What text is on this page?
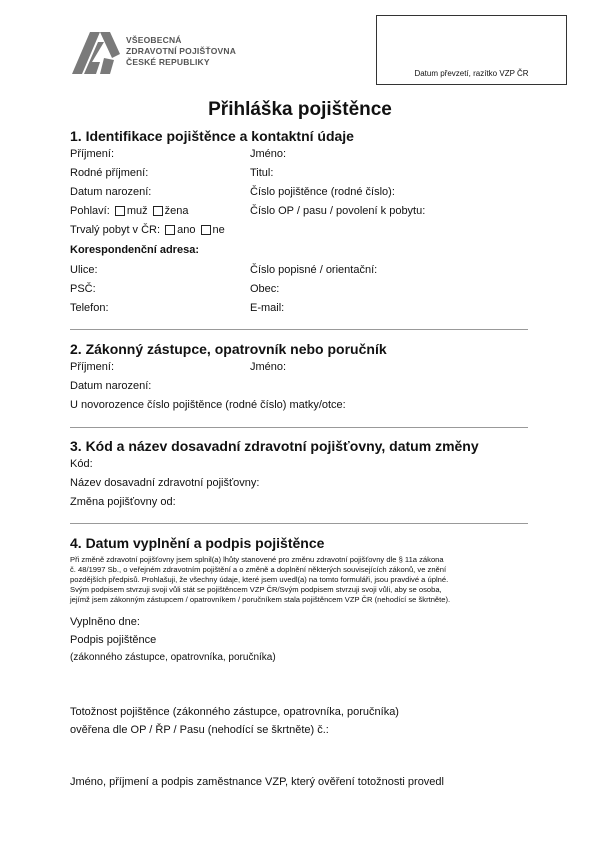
VŠEOBECNÁ
ZDRAVOTNÍ POJIŠŤOVNA
ČESKÉ REPUBLIKY
Datum převzetí, razítko VZP ČR
Přihláška pojištěnce
1. Identifikace pojištěnce a kontaktní údaje
Příjmení:	Jméno:
Rodné příjmení:	Titul:
Datum narození:	Číslo pojištěnce (rodné číslo):
Pohlaví: muž žena	Číslo OP / pasu / povolení k pobytu:
Trvalý pobyt v ČR: ano ne
Korespondenční adresa:
Ulice:	Číslo popisné / orientační:
PSČ:	Obec:
Telefon:	E-mail:
2. Zákonný zástupce, opatrovník nebo poručník
Příjmení:	Jméno:
Datum narození:
U novorozence číslo pojištěnce (rodné číslo) matky/otce:
3. Kód a název dosavadní zdravotní pojišťovny, datum změny
Kód:
Název dosavadní zdravotní pojišťovny:
Změna pojišťovny od:
4. Datum vyplnění a podpis pojištěnce
Při změně zdravotní pojišťovny jsem splnil(a) lhůty stanovené pro změnu zdravotní pojišťovny dle § 11a zákona
č. 48/1997 Sb., o veřejném zdravotním pojištění a o změně a doplnění některých souvisejících zákonů, ve znění
pozdějších předpisů. Prohlašuji, že všechny údaje, které jsem uvedl(a) na tomto formuláři, jsou pravdivé a úplné.
Svým podpisem stvrzuji svoji vůli stát se pojištěncem VZP ČR/Svým podpisem stvrzuji svoji vůli, aby se osoba,
jejímž jsem zákonným zástupcem / opatrovníkem / poručníkem stala pojištěncem VZP ČR (nehodící se škrtněte).
Vyplněno dne:
Podpis pojištěnce
(zákonného zástupce, opatrovníka, poručníka)
Totožnost pojištěnce (zákonného zástupce, opatrovníka, poručníka)
ověřena dle OP / ŘP / Pasu (nehodící se škrtněte) č.:
Jméno, příjmení a podpis zaměstnance VZP, který ověření totožnosti provedl
